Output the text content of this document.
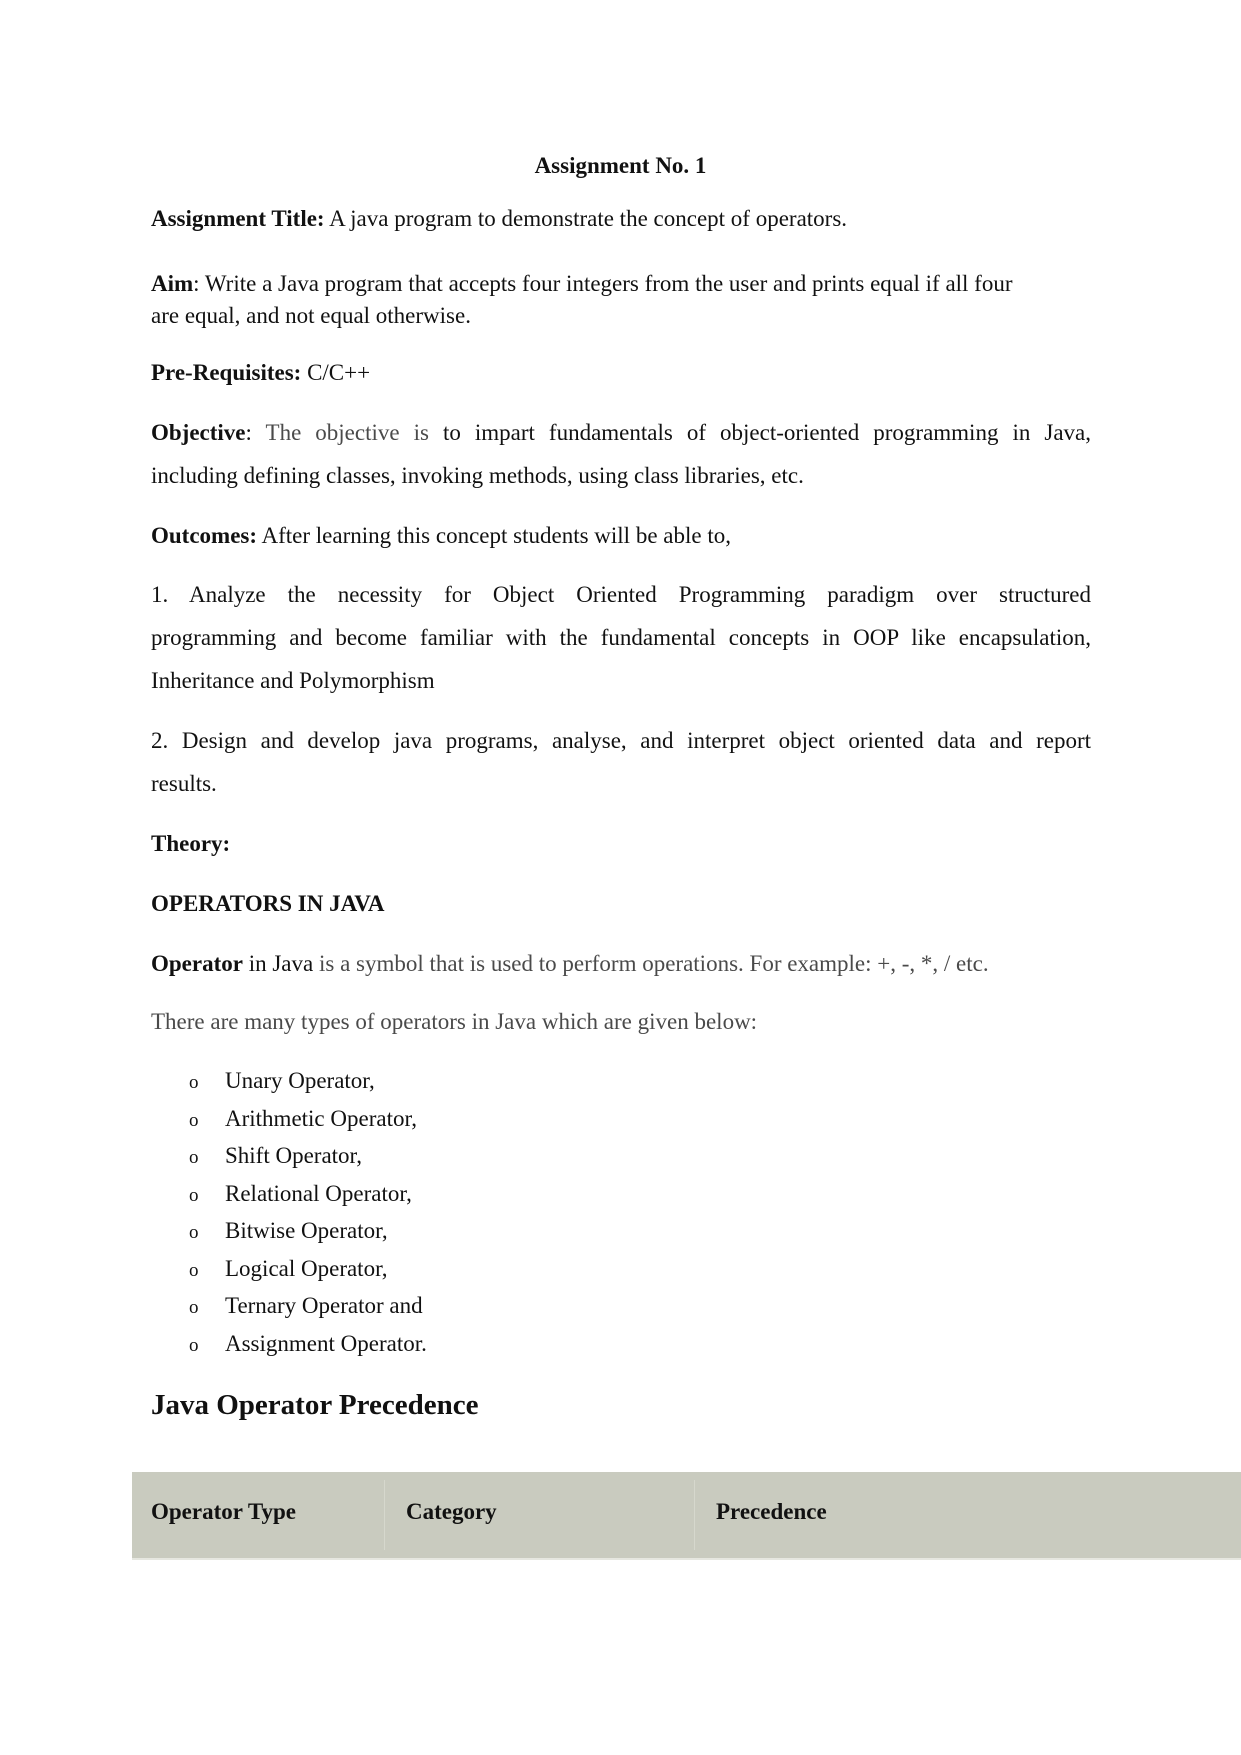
Assignment No. 1
Assignment Title: A java program to demonstrate the concept of operators.
Aim: Write a Java program that accepts four integers from the user and prints equal if all four
are equal, and not equal otherwise.
Pre-Requisites: C/C++
Objective: The objective is to impart fundamentals of object-oriented programming in Java,
including defining classes, invoking methods, using class libraries, etc.
Outcomes: After learning this concept students will be able to,
1. Analyze the necessity for Object Oriented Programming paradigm over structured
programming and become familiar with the fundamental concepts in OOP like encapsulation,
Inheritance and Polymorphism
2. Design and develop java programs, analyse, and interpret object oriented data and report
results.
Theory:
OPERATORS IN JAVA
Operator in Java is a symbol that is used to perform operations. For example: +, -, *, / etc.
There are many types of operators in Java which are given below:
o Unary Operator,
o Arithmetic Operator,
o Shift Operator,
o Relational Operator,
o Bitwise Operator,
o Logical Operator,
o Ternary Operator and
o Assignment Operator.
Java Operator Precedence
Operator Type	Category	Precedence
